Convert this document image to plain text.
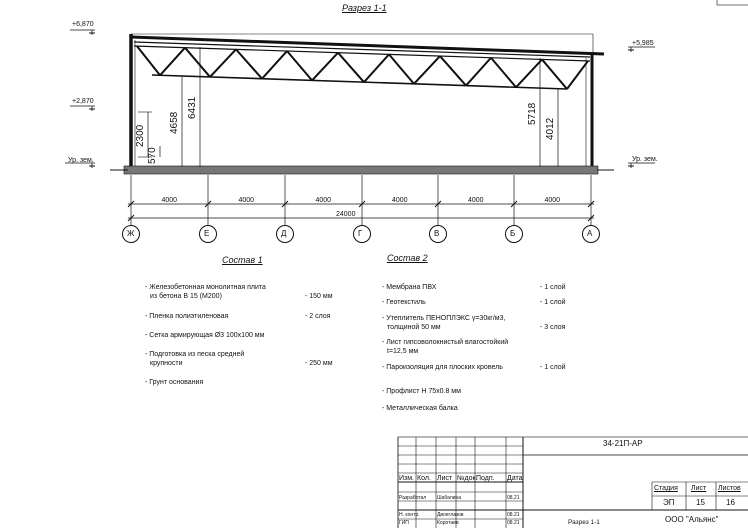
Разрез 1-1
+6,870
+2,870
Ур. зем.
+5,985
Ур. зем.
2300
570
4658
6431	5718
4012
4000	4000	4000	4000	4000	4000
24000
Ж	Е	Д	Г	В	Б	А
Состав 1	Состав 2
- Железобетонная монолитная плита
из бетона В 15 (М200)	- 150 мм
- Пленка полиэтиленовая	- 2 слоя
- Сетка армирующая Ø3 100x100 мм
- Подготовка из песка средней
крупности	- 250 мм
- Грунт основания
- Мембрана ПВХ	- 1 слой
- Геотекстиль	- 1 слой
- Утеплитель ПЕНОПЛЭКС γ=30кг/м3,
толщиной 50 мм	- 3 слоя
- Лист гипсоволокнистый влагостойкий
t=12,5 мм
- Пароизоляция для плоских кровель	- 1 слой
- Профлист Н 75x0.8 мм
- Металлическая балка
34-21П-АР
Изм. Кол. Лист №док.
Подп. Дата
Разработал Шабалина	08.21
Н. контр.	Двоеглазов	08.21
ГИП	Коротаев	08.21
Стадия Лист Листов
ЭП	15	16
Разрез 1-1	ООО "Альянс"
